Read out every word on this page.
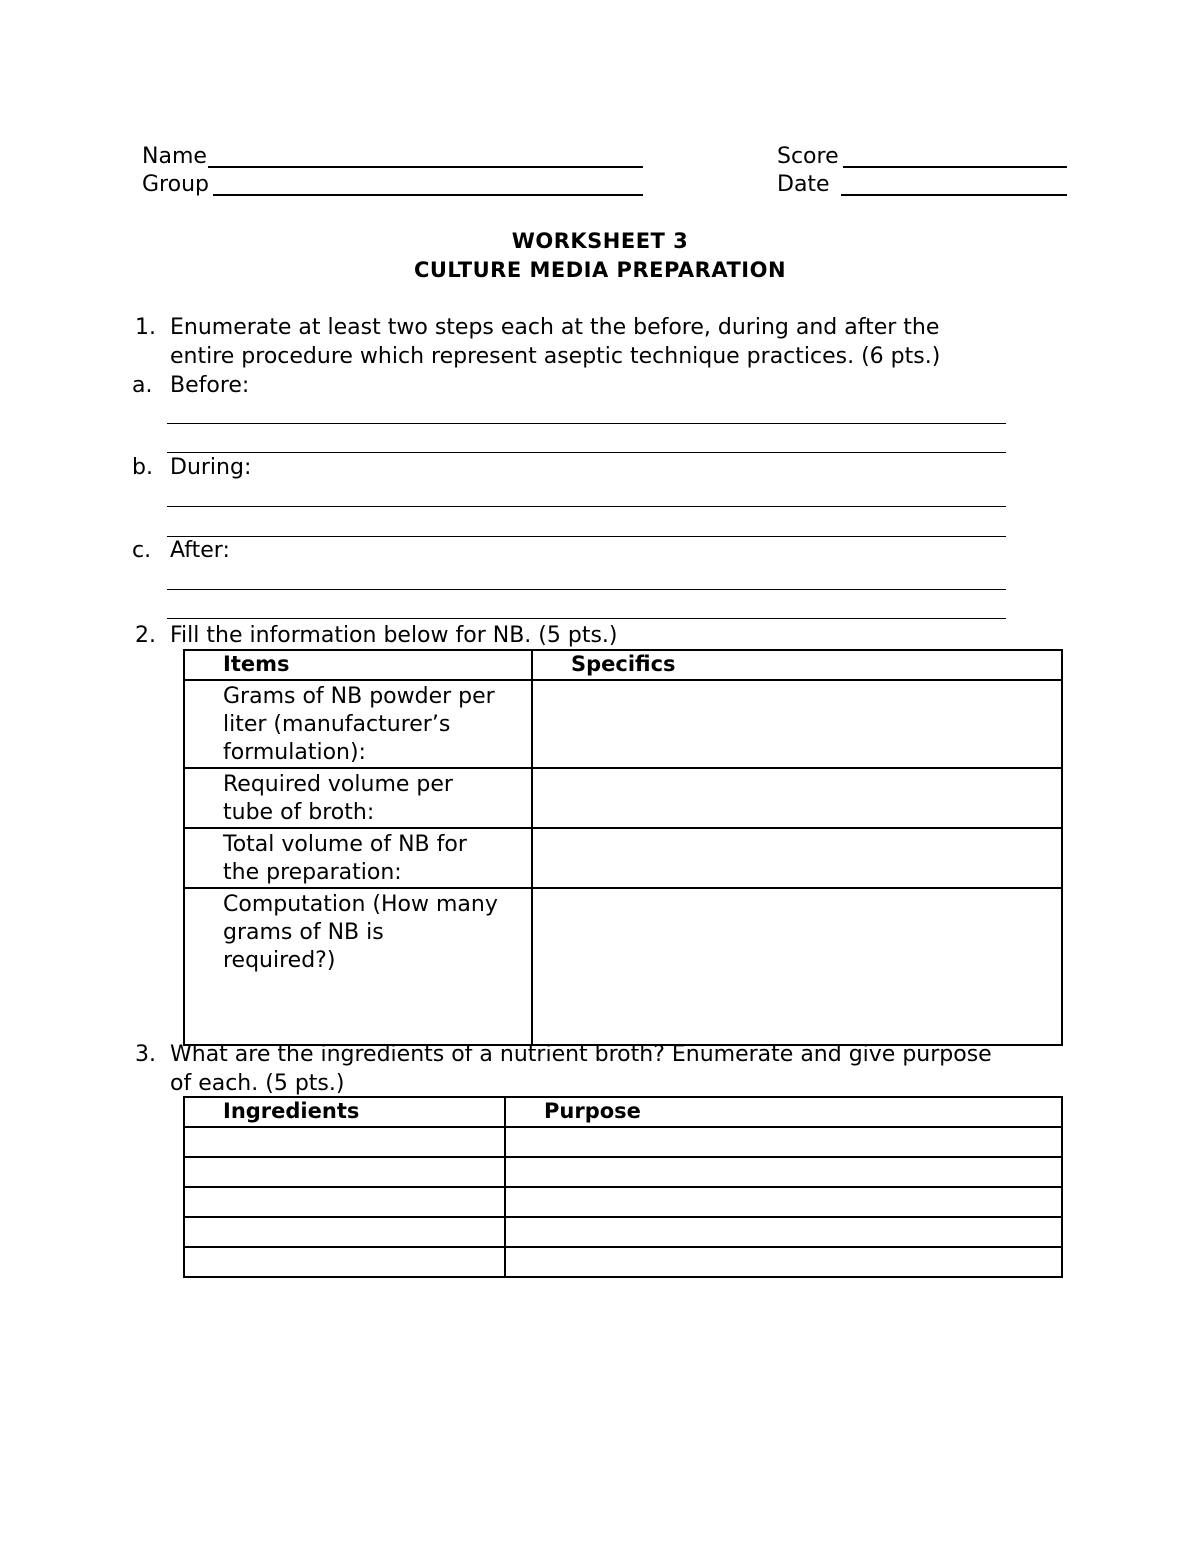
Name
Group
Score
Date
WORKSHEET 3
CULTURE MEDIA PREPARATION
1. Enumerate at least two steps each at the before, during and after the
entire procedure which represent aseptic technique practices. (6 pts.)
a. Before:
b. During:
c. After:
2. Fill the information below for NB. (5 pts.)
Items	Specifics

Grams of NB powder per
liter (manufacturer’s
formulation):	

Required volume per
tube of broth:	

Total volume of NB for
the preparation:	

Computation (How many
grams of NB is
required?)	

3. What are the ingredients of a nutrient broth? Enumerate and give purpose
of each. (5 pts.)
Ingredients	Purpose
